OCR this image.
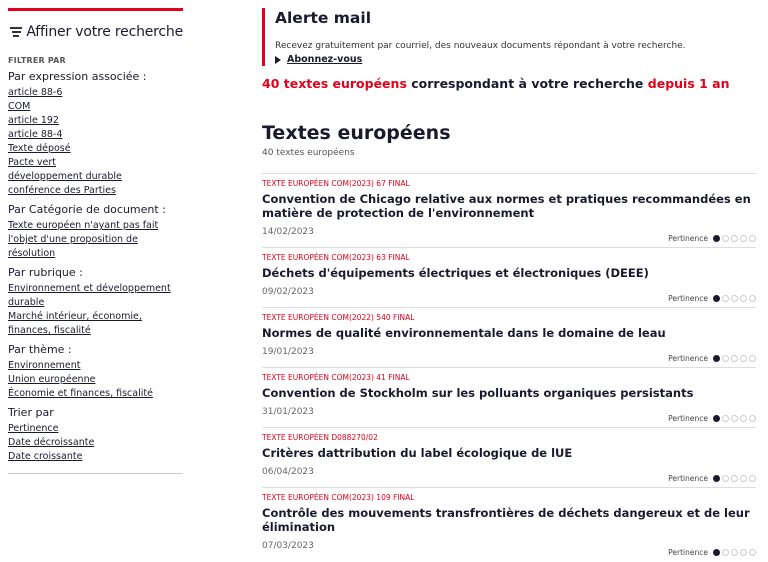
Affiner votre recherche
FILTRER PAR
Par expression associée :
article 88-6
COM
article 192
article 88-4
Texte déposé
Pacte vert
développement durable
conférence des Parties
Par Catégorie de document :
Texte européen n'ayant pas fait l'objet d'une proposition de résolution
Par rubrique :
Environnement et développement durable
Marché intérieur, économie, finances, fiscalité
Par thème :
Environnement
Union européenne
Économie et finances, fiscalité
Trier par
Pertinence
Date décroissante
Date croissante
Alerte mail
Recevez gratuitement par courriel, des nouveaux documents répondant à votre recherche.
Abonnez-vous
40 textes européens correspondant à votre recherche depuis 1 an
Textes européens
40 textes européens
TEXTE EUROPÉEN COM(2023) 67 FINAL
Convention de Chicago relative aux normes et pratiques recommandées en matière de protection de l'environnement
14/02/2023
Pertinence
TEXTE EUROPÉEN COM(2023) 63 FINAL
Déchets d'équipements électriques et électroniques (DEEE)
09/02/2023
Pertinence
TEXTE EUROPÉEN COM(2022) 540 FINAL
Normes de qualité environnementale dans le domaine de leau
19/01/2023
Pertinence
TEXTE EUROPÉEN COM(2023) 41 FINAL
Convention de Stockholm sur les polluants organiques persistants
31/01/2023
Pertinence
TEXTE EUROPÉEN D088270/02
Critères dattribution du label écologique de lUE
06/04/2023
Pertinence
TEXTE EUROPÉEN COM(2023) 109 FINAL
Contrôle des mouvements transfrontières de déchets dangereux et de leur élimination
07/03/2023
Pertinence
